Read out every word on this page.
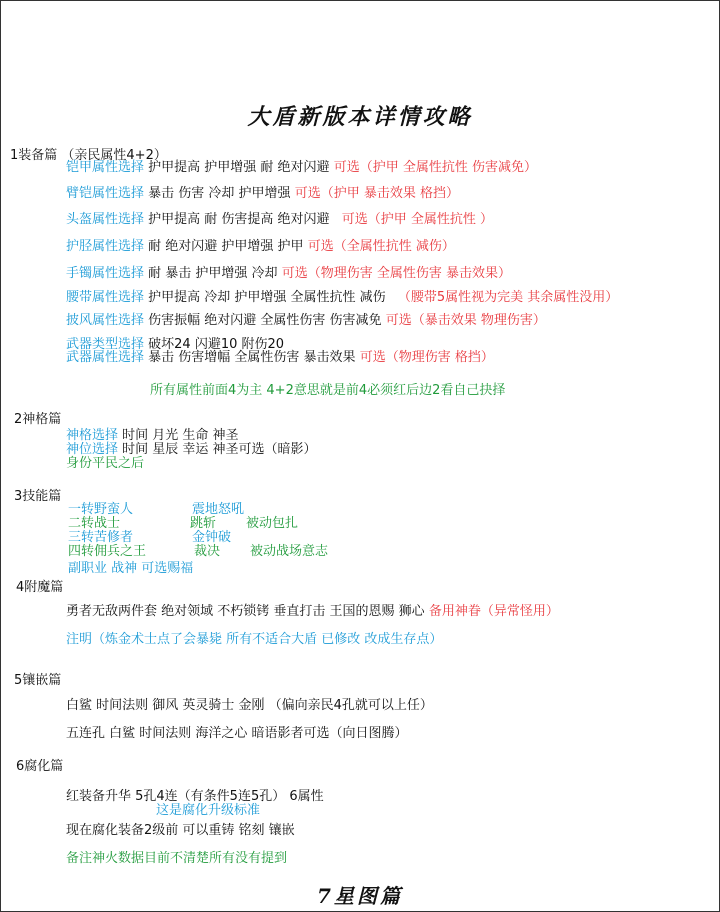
大盾新版本详情攻略
1装备篇 （亲民属性4+2）
铠甲属性选择 护甲提高 护甲增强 耐 绝对闪避 可选（护甲 全属性抗性 伤害减免）
臂铠属性选择 暴击 伤害 冷却 护甲增强 可选（护甲 暴击效果 格挡）
头盔属性选择 护甲提高 耐 伤害提高 绝对闪避 可选（护甲 全属性抗性 ）
护胫属性选择 耐 绝对闪避 护甲增强 护甲 可选（全属性抗性 减伤）
手镯属性选择 耐 暴击 护甲增强 冷却 可选（物理伤害 全属性伤害 暴击效果）
腰带属性选择 护甲提高 冷却 护甲增强 全属性抗性 减伤 （腰带5属性视为完美 其余属性没用）
披风属性选择 伤害振幅 绝对闪避 全属性伤害 伤害减免 可选（暴击效果 物理伤害）
武器类型选择 破坏24 闪避10 附伤20
武器属性选择 暴击 伤害增幅 全属性伤害 暴击效果 可选（物理伤害 格挡）
所有属性前面4为主 4+2意思就是前4必须红后边2看自己抉择
2神格篇
神格选择 时间 月光 生命 神圣
神位选择 时间 星辰 幸运 神圣可选（暗影）
身份平民之后
3技能篇
一转野蛮人	震地怒吼
二转战士	跳斩 被动包扎
三转苦修者	金钟破
四转佣兵之王	裁决 被动战场意志
副职业 战神 可选赐福
4附魔篇
勇者无敌两件套 绝对领域 不朽锁铐 垂直打击 王国的恩赐 狮心 备用神眷（异常怪用）
注明（炼金术士点了会暴毙 所有不适合大盾 已修改 改成生存点）
5镶嵌篇
白鲨 时间法则 御风 英灵骑士 金刚 （偏向亲民4孔就可以上任）
五连孔 白鲨 时间法则 海洋之心 暗语影者可选（向日图腾）
6腐化篇
红装备升华 5孔4连（有条件5连5孔） 6属性
这是腐化升级标准
现在腐化装备2级前 可以重铸 铭刻 镶嵌
备注神火数据目前不清楚所有没有提到
7星图篇
